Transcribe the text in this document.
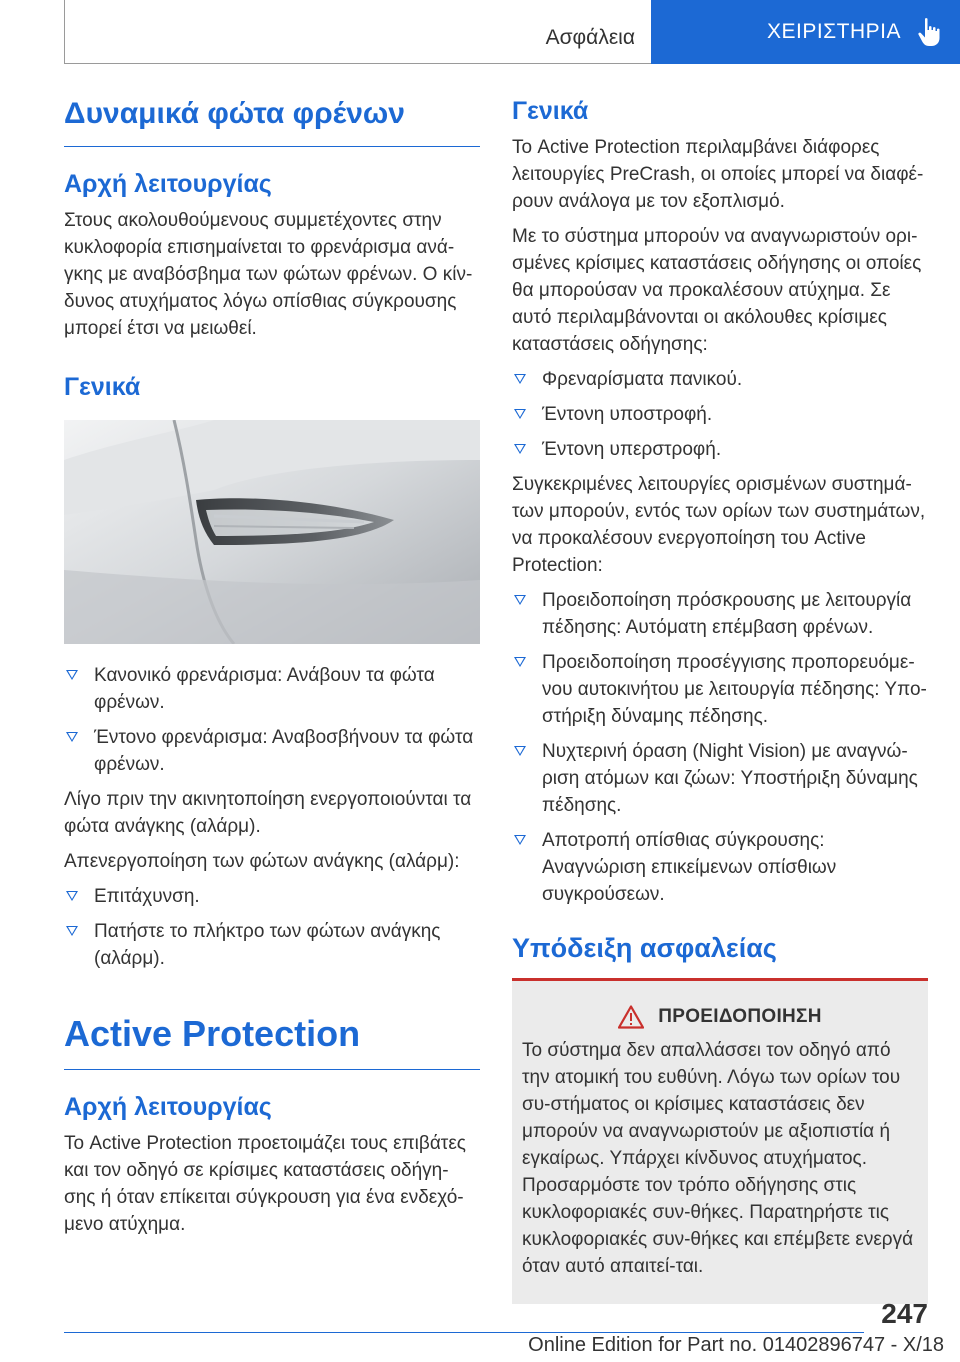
Ασφάλεια	ΧΕΙΡΙΣΤΗΡΙΑ
Δυναμικά φώτα φρένων
Αρχή λειτουργίας

Στους ακολουθούμενους συμμετέχοντες στην κυκλοφορία επισημαίνεται το φρενάρισμα ανά-γκης με αναβόσβημα των φώτων φρένων. Ο κίν-δυνος ατυχήματος λόγω οπίσθιας σύγκρουσης μπορεί έτσι να μειωθεί.

Γενικά
Κανονικό φρενάρισμα: Ανάβουν τα φώτα φρένων.
Έντονο φρενάρισμα: Αναβοσβήνουν τα φώτα φρένων.

Λίγο πριν την ακινητοποίηση ενεργοποιούνται τα φώτα ανάγκης (αλάρμ).

Απενεργοποίηση των φώτων ανάγκης (αλάρμ):

Επιτάχυνση.
Πατήστε το πλήκτρο των φώτων ανάγκης (αλάρμ).
Active Protection
Αρχή λειτουργίας

Το Active Protection προετοιμάζει τους επιβάτες και τον οδηγό σε κρίσιμες καταστάσεις οδήγη-σης ή όταν επίκειται σύγκρουση για ένα ενδεχό-μενο ατύχημα.

Γενικά

Το Active Protection περιλαμβάνει διάφορες λειτουργίες PreCrash, οι οποίες μπορεί να διαφέ-ρουν ανάλογα με τον εξοπλισμό.

Με το σύστημα μπορούν να αναγνωριστούν ορι-σμένες κρίσιμες καταστάσεις οδήγησης οι οποίες θα μπορούσαν να προκαλέσουν ατύχημα. Σε αυτό περιλαμβάνονται οι ακόλουθες κρίσιμες καταστάσεις οδήγησης:

Φρεναρίσματα πανικού.
Έντονη υποστροφή.
Έντονη υπερστροφή.

Συγκεκριμένες λειτουργίες ορισμένων συστημά-των μπορούν, εντός των ορίων των συστημάτων, να προκαλέσουν ενεργοποίηση του Active Protection:

Προειδοποίηση πρόσκρουσης με λειτουργία πέδησης: Αυτόματη επέμβαση φρένων.
Προειδοποίηση προσέγγισης προπορευόμε-νου αυτοκινήτου με λειτουργία πέδησης: Υπο-στήριξη δύναμης πέδησης.
Νυχτερινή όραση (Night Vision) με αναγνώ-ριση ατόμων και ζώων: Υποστήριξη δύναμης πέδησης.
Αποτροπή οπίσθιας σύγκρουσης: Αναγνώριση επικείμενων οπίσθιων συγκρούσεων.
Υπόδειξη ασφαλείας
ΠΡΟΕΙΔΟΠΟΙΗΣΗ

Το σύστημα δεν απαλλάσσει τον οδηγό από την ατομική του ευθύνη. Λόγω των ορίων του συ-στήματος οι κρίσιμες καταστάσεις δεν μπορούν να αναγνωριστούν με αξιοπιστία ή εγκαίρως. Υπάρχει κίνδυνος ατυχήματος. Προσαρμόστε τον τρόπο οδήγησης στις κυκλοφοριακές συν-θήκες. Παρατηρήστε τις κυκλοφοριακές συν-θήκες και επέμβετε ενεργά όταν αυτό απαιτεί-ται.

247
Online Edition for Part no. 01402896747 - X/18
